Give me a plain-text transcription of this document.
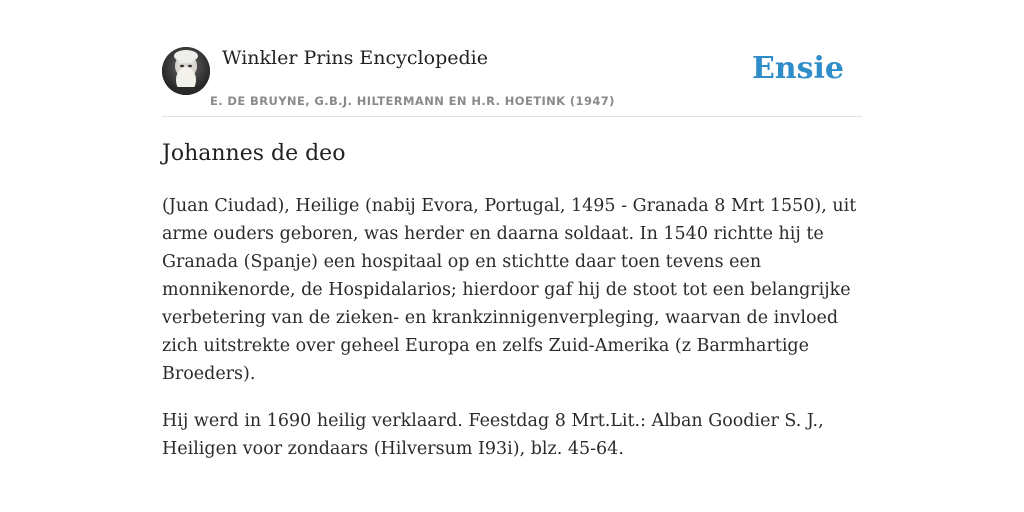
Winkler Prins Encyclopedie
E. DE BRUYNE, G.B.J. HILTERMANN EN H.R. HOETINK (1947)
Ensie
Johannes de deo

(Juan Ciudad), Heilige (nabij Evora, Portugal, 1495 - Granada 8 Mrt 1550), uit arme ouders geboren, was herder en daarna soldaat. In 1540 richtte hij te Granada (Spanje) een hospitaal op en stichtte daar toen tevens een monnikenorde, de Hospidalarios; hierdoor gaf hij de stoot tot een belangrijke verbetering van de zieken- en krankzinnigenverpleging, waarvan de invloed zich uitstrekte over geheel Europa en zelfs Zuid-Amerika (z Barmhartige Broeders).

Hij werd in 1690 heilig verklaard. Feestdag 8 Mrt.Lit.: Alban Goodier S. J., Heiligen voor zondaars (Hilversum I93i), blz. 45-64.
